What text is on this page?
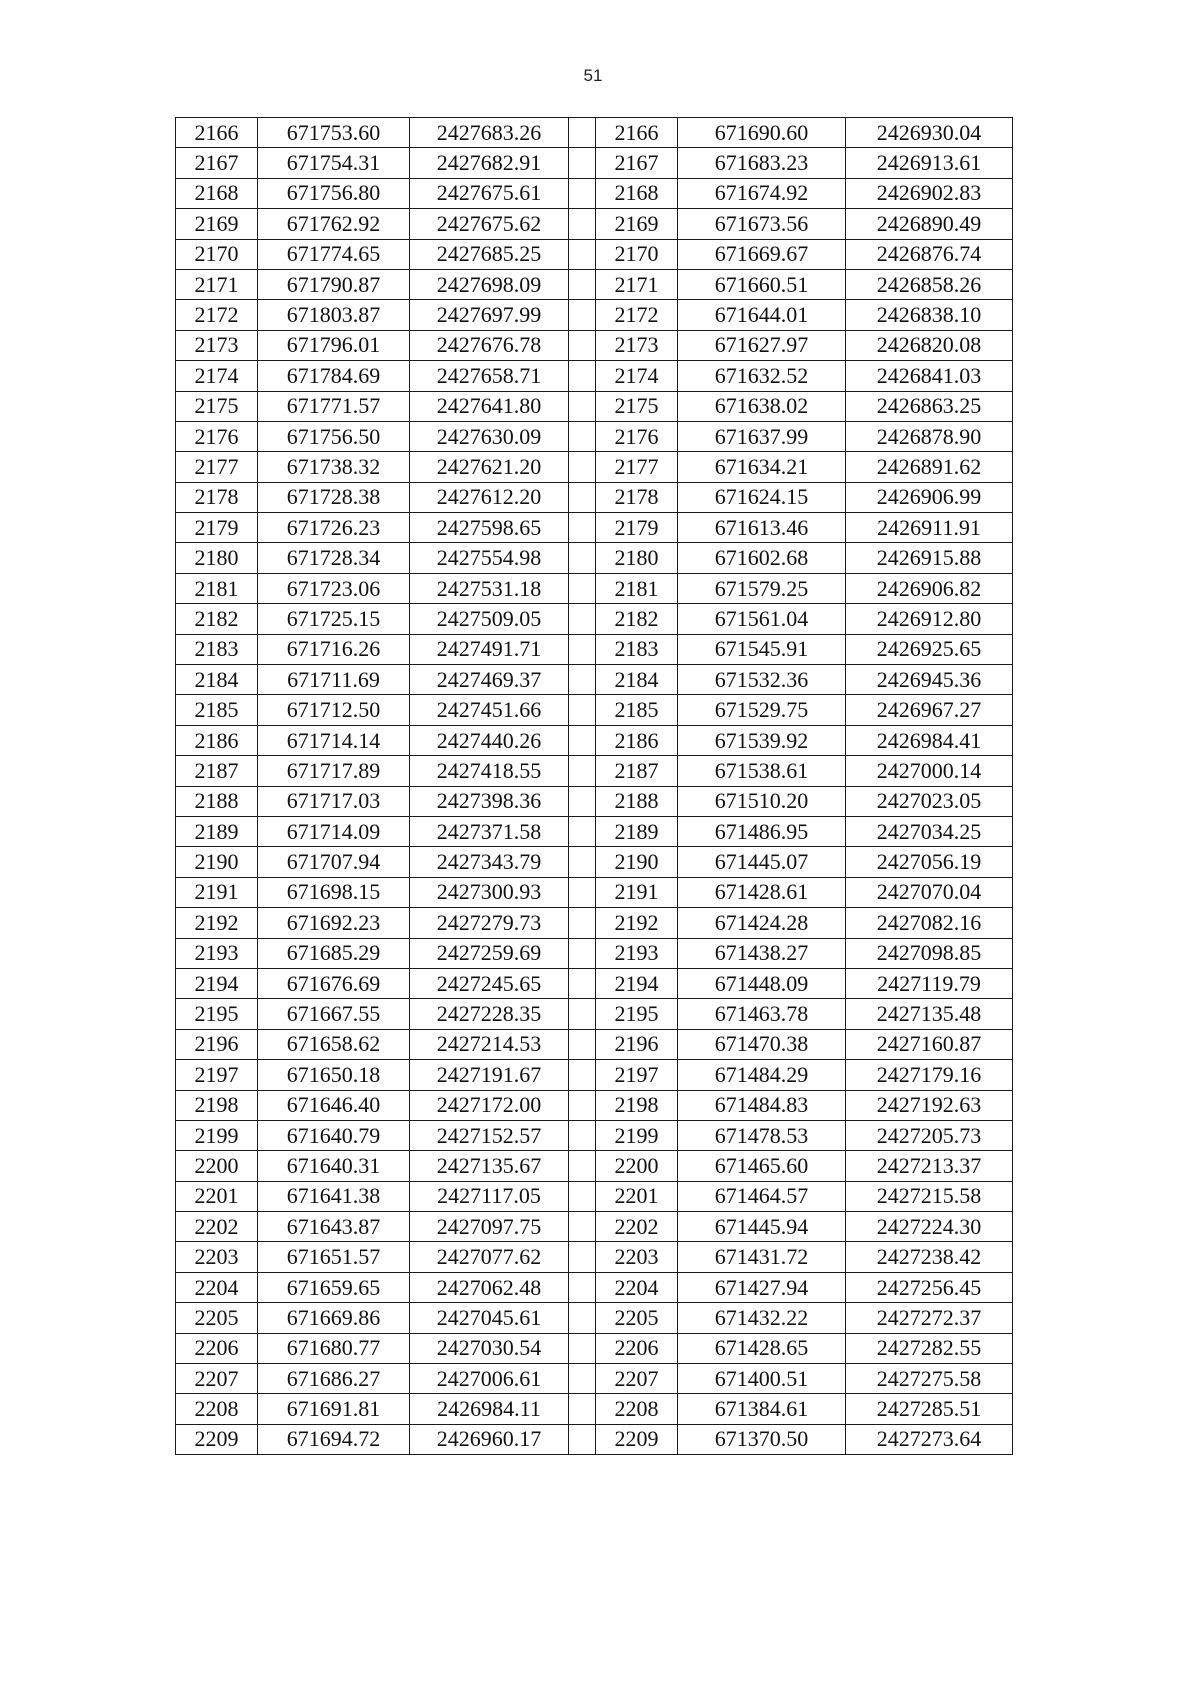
51
2166	671753.60	2427683.26		2166	671690.60	2426930.04
2167	671754.31	2427682.91		2167	671683.23	2426913.61
2168	671756.80	2427675.61		2168	671674.92	2426902.83
2169	671762.92	2427675.62		2169	671673.56	2426890.49
2170	671774.65	2427685.25		2170	671669.67	2426876.74
2171	671790.87	2427698.09		2171	671660.51	2426858.26
2172	671803.87	2427697.99		2172	671644.01	2426838.10
2173	671796.01	2427676.78		2173	671627.97	2426820.08
2174	671784.69	2427658.71		2174	671632.52	2426841.03
2175	671771.57	2427641.80		2175	671638.02	2426863.25
2176	671756.50	2427630.09		2176	671637.99	2426878.90
2177	671738.32	2427621.20		2177	671634.21	2426891.62
2178	671728.38	2427612.20		2178	671624.15	2426906.99
2179	671726.23	2427598.65		2179	671613.46	2426911.91
2180	671728.34	2427554.98		2180	671602.68	2426915.88
2181	671723.06	2427531.18		2181	671579.25	2426906.82
2182	671725.15	2427509.05		2182	671561.04	2426912.80
2183	671716.26	2427491.71		2183	671545.91	2426925.65
2184	671711.69	2427469.37		2184	671532.36	2426945.36
2185	671712.50	2427451.66		2185	671529.75	2426967.27
2186	671714.14	2427440.26		2186	671539.92	2426984.41
2187	671717.89	2427418.55		2187	671538.61	2427000.14
2188	671717.03	2427398.36		2188	671510.20	2427023.05
2189	671714.09	2427371.58		2189	671486.95	2427034.25
2190	671707.94	2427343.79		2190	671445.07	2427056.19
2191	671698.15	2427300.93		2191	671428.61	2427070.04
2192	671692.23	2427279.73		2192	671424.28	2427082.16
2193	671685.29	2427259.69		2193	671438.27	2427098.85
2194	671676.69	2427245.65		2194	671448.09	2427119.79
2195	671667.55	2427228.35		2195	671463.78	2427135.48
2196	671658.62	2427214.53		2196	671470.38	2427160.87
2197	671650.18	2427191.67		2197	671484.29	2427179.16
2198	671646.40	2427172.00		2198	671484.83	2427192.63
2199	671640.79	2427152.57		2199	671478.53	2427205.73
2200	671640.31	2427135.67		2200	671465.60	2427213.37
2201	671641.38	2427117.05		2201	671464.57	2427215.58
2202	671643.87	2427097.75		2202	671445.94	2427224.30
2203	671651.57	2427077.62		2203	671431.72	2427238.42
2204	671659.65	2427062.48		2204	671427.94	2427256.45
2205	671669.86	2427045.61		2205	671432.22	2427272.37
2206	671680.77	2427030.54		2206	671428.65	2427282.55
2207	671686.27	2427006.61		2207	671400.51	2427275.58
2208	671691.81	2426984.11		2208	671384.61	2427285.51
2209	671694.72	2426960.17		2209	671370.50	2427273.64
